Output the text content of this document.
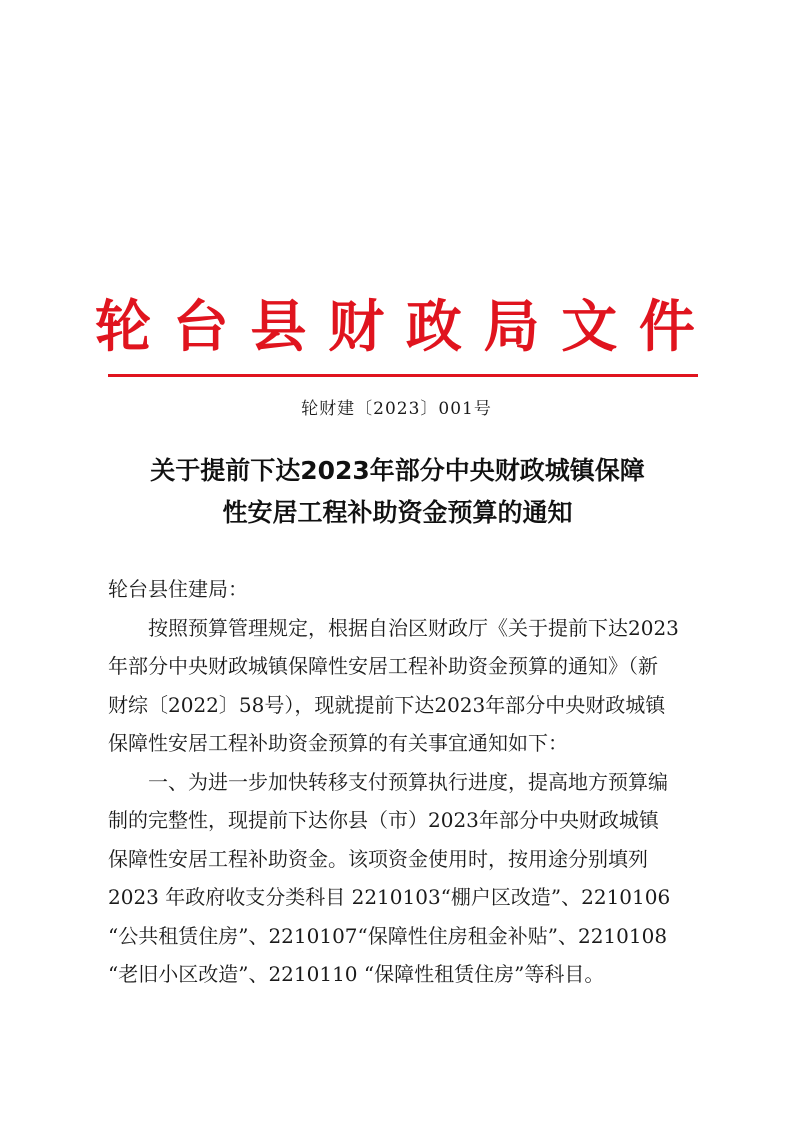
轮 台 县 财 政 局 文 件
轮财建〔2023〕001号
关于提前下达2023年部分中央财政城镇保障
性安居工程补助资金预算的通知
轮台县住建局：
按照预算管理规定，根据自治区财政厅《关于提前下达2023
年部分中央财政城镇保障性安居工程补助资金预算的通知》（新
财综〔2022〕58号），现就提前下达2023年部分中央财政城镇
保障性安居工程补助资金预算的有关事宜通知如下：
一、为进一步加快转移支付预算执行进度，提高地方预算编
制的完整性，现提前下达你县（市）2023年部分中央财政城镇
保障性安居工程补助资金。该项资金使用时，按用途分别填列
2023 年政府收支分类科目 2210103“棚户区改造”、2210106
“公共租赁住房”、2210107“保障性住房租金补贴”、2210108
“老旧小区改造”、2210110 “保障性租赁住房”等科目。
